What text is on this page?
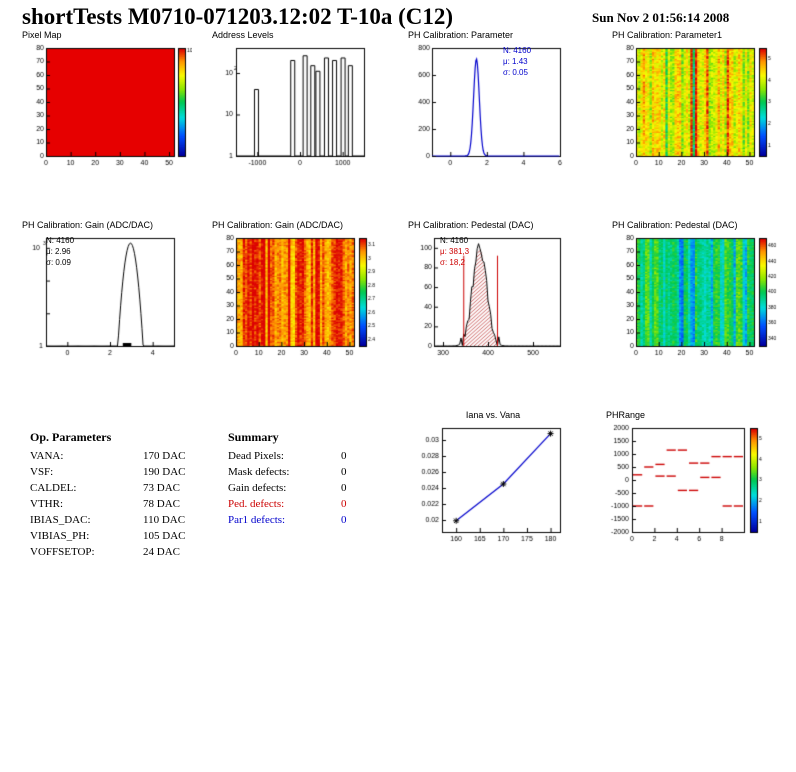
shortTests M0710-071203.12:02 T-10a (C12)	Sun Nov 2 01:56:14 2008
Pixel Map	Address Levels	PH Calibration: Parameter
N: 4160
μ: 1.43
σ: 0.05
PH Calibration: Parameter1
PH Calibration: Gain (ADC/DAC)
N: 4160
μ: 2.96
σ: 0.09
PH Calibration: Gain (ADC/DAC)	PH Calibration: Pedestal (DAC)
N: 4160
μ: 381,3
σ: 18,2
PH Calibration: Pedestal (DAC)
Op. Parameters
VANA:	170 DAC
VSF:	190 DAC
CALDEL:	73 DAC
VTHR:	78 DAC
IBIAS_DAC:	110 DAC
VIBIAS_PH:	105 DAC
VOFFSETOP:	24 DAC
Summary
Dead Pixels:	0
Mask defects:	0
Gain defects:	0
Ped. defects:	0
Par1 defects:	0
Iana vs. Vana	PHRange
